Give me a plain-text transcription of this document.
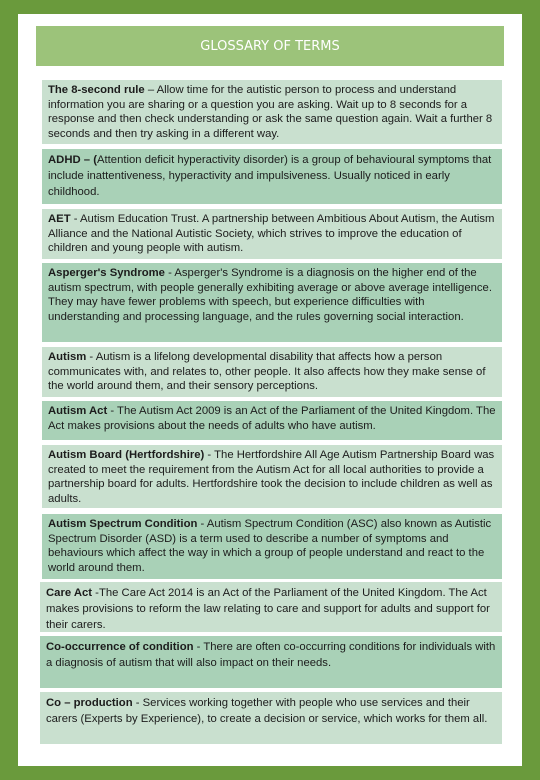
GLOSSARY OF TERMS
The 8-second rule – Allow time for the autistic person to process and understand information you are sharing or a question you are asking. Wait up to 8 seconds for a response and then check understanding or ask the same question again. Wait a further 8 seconds and then try asking in a different way.
ADHD – (Attention deficit hyperactivity disorder) is a group of behavioural symptoms that include inattentiveness, hyperactivity and impulsiveness. Usually noticed in early childhood.
AET - Autism Education Trust. A partnership between Ambitious About Autism, the Autism Alliance and the National Autistic Society, which strives to improve the education of children and young people with autism.
Asperger's Syndrome - Asperger's Syndrome is a diagnosis on the higher end of the autism spectrum, with people generally exhibiting average or above average intelligence. They may have fewer problems with speech, but experience difficulties with understanding and processing language, and the rules governing social interaction.
Autism - Autism is a lifelong developmental disability that affects how a person communicates with, and relates to, other people. It also affects how they make sense of the world around them, and their sensory perceptions.
Autism Act - The Autism Act 2009 is an Act of the Parliament of the United Kingdom. The Act makes provisions about the needs of adults who have autism.
Autism Board (Hertfordshire) - The Hertfordshire All Age Autism Partnership Board was created to meet the requirement from the Autism Act for all local authorities to provide a partnership board for adults. Hertfordshire took the decision to include children as well as adults.
Autism Spectrum Condition - Autism Spectrum Condition (ASC) also known as Autistic Spectrum Disorder (ASD) is a term used to describe a number of symptoms and behaviours which affect the way in which a group of people understand and react to the world around them.
Care Act -The Care Act 2014 is an Act of the Parliament of the United Kingdom. The Act makes provisions to reform the law relating to care and support for adults and support for their carers.
Co-occurrence of condition - There are often co-occurring conditions for individuals with a diagnosis of autism that will also impact on their needs.
Co – production - Services working together with people who use services and their carers (Experts by Experience), to create a decision or service, which works for them all.
